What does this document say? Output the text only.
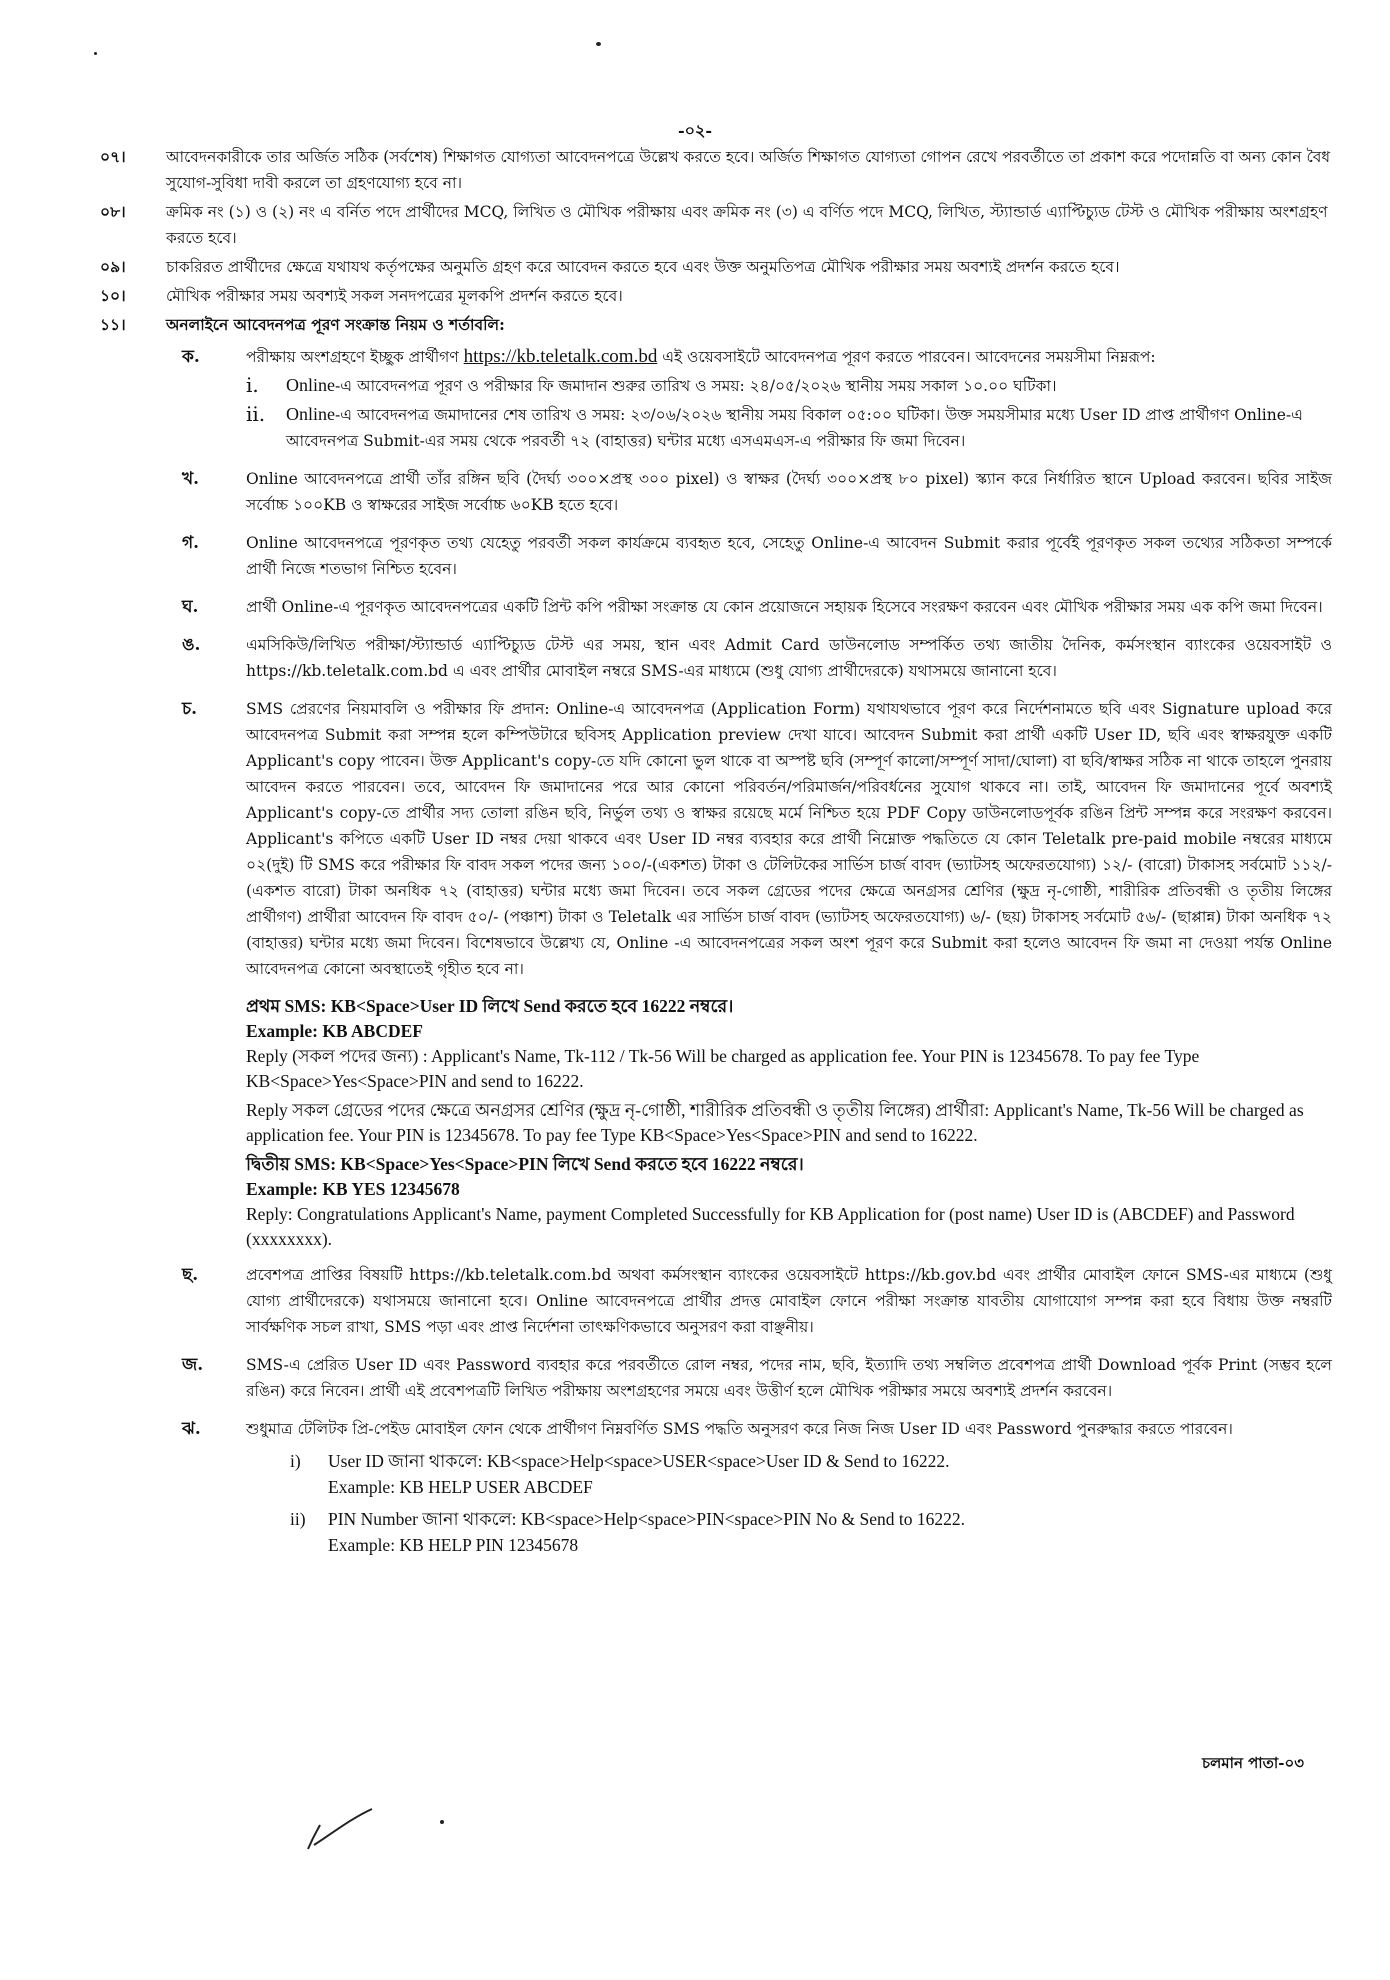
-০২-
০৭।	আবেদনকারীকে তার অর্জিত সঠিক (সর্বশেষ) শিক্ষাগত যোগ্যতা আবেদনপত্রে উল্লেখ করতে হবে। অর্জিত শিক্ষাগত যোগ্যতা গোপন রেখে পরবর্তীতে তা প্রকাশ করে পদোন্নতি বা অন্য কোন বৈধ সুযোগ-সুবিধা দাবী করলে তা গ্রহণযোগ্য হবে না।
০৮।	ক্রমিক নং (১) ও (২) নং এ বর্নিত পদে প্রার্থীদের MCQ, লিখিত ও মৌখিক পরীক্ষায় এবং ক্রমিক নং (৩) এ বর্ণিত পদে MCQ, লিখিত, স্ট্যান্ডার্ড এ্যাপ্টিচ্যুড টেস্ট ও মৌখিক পরীক্ষায় অংশগ্রহণ করতে হবে।
০৯।	চাকরিরত প্রার্থীদের ক্ষেত্রে যথাযথ কর্তৃপক্ষের অনুমতি গ্রহণ করে আবেদন করতে হবে এবং উক্ত অনুমতিপত্র মৌখিক পরীক্ষার সময় অবশ্যই প্রদর্শন করতে হবে।
১০।	মৌখিক পরীক্ষার সময় অবশ্যই সকল সনদপত্রের মূলকপি প্রদর্শন করতে হবে।
১১।	অনলাইনে আবেদনপত্র পূরণ সংক্রান্ত নিয়ম ও শর্তাবলি:
ক.	পরীক্ষায় অংশগ্রহণে ইচ্ছুক প্রার্থীগণ https://kb.teletalk.com.bd এই ওয়েবসাইটে আবেদনপত্র পূরণ করতে পারবেন। আবেদনের সময়সীমা নিম্নরূপ:
i. Online-এ আবেদনপত্র পূরণ ও পরীক্ষার ফি জমাদান শুরুর তারিখ ও সময়: ২৪/০৫/২০২৬ স্থানীয় সময় সকাল ১০.০০ ঘটিকা।
ii. Online-এ আবেদনপত্র জমাদানের শেষ তারিখ ও সময়: ২৩/০৬/২০২৬ স্থানীয় সময় বিকাল ০৫:০০ ঘটিকা। উক্ত সময়সীমার মধ্যে User ID প্রাপ্ত প্রার্থীগণ Online-এ আবেদনপত্র Submit-এর সময় থেকে পরবর্তী ৭২ (বাহাত্তর) ঘন্টার মধ্যে এসএমএস-এ পরীক্ষার ফি জমা দিবেন।
খ.	Online আবেদনপত্রে প্রার্থী তাঁর রঙ্গিন ছবি (দৈর্ঘ্য ৩০০×প্রস্থ ৩০০ pixel) ও স্বাক্ষর (দৈর্ঘ্য ৩০০×প্রস্থ ৮০ pixel) স্ক্যান করে নির্ধারিত স্থানে Upload করবেন। ছবির সাইজ সর্বোচ্চ ১০০KB ও স্বাক্ষরের সাইজ সর্বোচ্চ ৬০KB হতে হবে।
গ.	Online আবেদনপত্রে পূরণকৃত তথ্য যেহেতু পরবর্তী সকল কার্যক্রমে ব্যবহৃত হবে, সেহেতু Online-এ আবেদন Submit করার পূর্বেই পূরণকৃত সকল তথ্যের সঠিকতা সম্পর্কে প্রার্থী নিজে শতভাগ নিশ্চিত হবেন।
ঘ.	প্রার্থী Online-এ পূরণকৃত আবেদনপত্রের একটি প্রিন্ট কপি পরীক্ষা সংক্রান্ত যে কোন প্রয়োজনে সহায়ক হিসেবে সংরক্ষণ করবেন এবং মৌখিক পরীক্ষার সময় এক কপি জমা দিবেন।
ঙ.	এমসিকিউ/লিখিত পরীক্ষা/স্ট্যান্ডার্ড এ্যাপ্টিচ্যুড টেস্ট এর সময়, স্থান এবং Admit Card ডাউনলোড সম্পর্কিত তথ্য জাতীয় দৈনিক, কর্মসংস্থান ব্যাংকের ওয়েবসাইট ও https://kb.teletalk.com.bd এ এবং প্রার্থীর মোবাইল নম্বরে SMS-এর মাধ্যমে (শুধু যোগ্য প্রার্থীদেরকে) যথাসময়ে জানানো হবে।
চ.	SMS প্রেরণের নিয়মাবলি ও পরীক্ষার ফি প্রদান: Online-এ আবেদনপত্র (Application Form) যথাযথভাবে পূরণ করে নির্দেশনামতে ছবি এবং Signature upload করে আবেদনপত্র Submit করা সম্পন্ন হলে কম্পিউটারে ছবিসহ Application preview দেখা যাবে। আবেদন Submit করা প্রার্থী একটি User ID, ছবি এবং স্বাক্ষরযুক্ত একটি Applicant's copy পাবেন। উক্ত Applicant's copy-তে যদি কোনো ভুল থাকে বা অস্পষ্ট ছবি (সম্পূর্ণ কালো/সম্পূর্ণ সাদা/ঘোলা) বা ছবি/স্বাক্ষর সঠিক না থাকে তাহলে পুনরায় আবেদন করতে পারবেন। তবে, আবেদন ফি জমাদানের পরে আর কোনো পরিবর্তন/পরিমার্জন/পরিবর্ধনের সুযোগ থাকবে না। তাই, আবেদন ফি জমাদানের পূর্বে অবশ্যই Applicant's copy-তে প্রার্থীর সদ্য তোলা রঙিন ছবি, নির্ভুল তথ্য ও স্বাক্ষর রয়েছে মর্মে নিশ্চিত হয়ে PDF Copy ডাউনলোডপূর্বক রঙিন প্রিন্ট সম্পন্ন করে সংরক্ষণ করবেন। Applicant's কপিতে একটি User ID নম্বর দেয়া থাকবে এবং User ID নম্বর ব্যবহার করে প্রার্থী নিম্নোক্ত পদ্ধতিতে যে কোন Teletalk pre-paid mobile নম্বরের মাধ্যমে ০২(দুই) টি SMS করে পরীক্ষার ফি বাবদ সকল পদের জন্য ১০০/-(একশত) টাকা ও টেলিটকের সার্ভিস চার্জ বাবদ (ভ্যাটসহ অফেরতযোগ্য) ১২/- (বারো) টাকাসহ সর্বমোট ১১২/- (একশত বারো) টাকা অনধিক ৭২ (বাহাত্তর) ঘন্টার মধ্যে জমা দিবেন। তবে সকল গ্রেডের পদের ক্ষেত্রে অনগ্রসর শ্রেণির (ক্ষুদ্র নৃ-গোষ্ঠী, শারীরিক প্রতিবন্ধী ও তৃতীয় লিঙ্গের প্রার্থীগণ) প্রার্থীরা আবেদন ফি বাবদ ৫০/- (পঞ্চাশ) টাকা ও Teletalk এর সার্ভিস চার্জ বাবদ (ভ্যাটসহ অফেরতযোগ্য) ৬/- (ছয়) টাকাসহ সর্বমোট ৫৬/- (ছাপ্পান্ন) টাকা অনধিক ৭২ (বাহাত্তর) ঘন্টার মধ্যে জমা দিবেন। বিশেষভাবে উল্লেখ্য যে, Online -এ আবেদনপত্রের সকল অংশ পূরণ করে Submit করা হলেও আবেদন ফি জমা না দেওয়া পর্যন্ত Online আবেদনপত্র কোনো অবস্থাতেই গৃহীত হবে না।
প্রথম SMS: KB<Space>User ID লিখে Send করতে হবে 16222 নম্বরে।
Example: KB ABCDEF
Reply (সকল পদের জন্য) : Applicant's Name, Tk-112 / Tk-56 Will be charged as application fee. Your PIN is 12345678. To pay fee Type KB<Space>Yes<Space>PIN and send to 16222.
Reply সকল গ্রেডের পদের ক্ষেত্রে অনগ্রসর শ্রেণির (ক্ষুদ্র নৃ-গোষ্ঠী, শারীরিক প্রতিবন্ধী ও তৃতীয় লিঙ্গের) প্রার্থীরা: Applicant's Name, Tk-56 Will be charged as application fee. Your PIN is 12345678. To pay fee Type KB<Space>Yes<Space>PIN and send to 16222.
দ্বিতীয় SMS: KB<Space>Yes<Space>PIN লিখে Send করতে হবে 16222 নম্বরে।
Example: KB YES 12345678
Reply: Congratulations Applicant's Name, payment Completed Successfully for KB Application for (post name) User ID is (ABCDEF) and Password (xxxxxxxx).
ছ.	প্রবেশপত্র প্রাপ্তির বিষয়টি https://kb.teletalk.com.bd অথবা কর্মসংস্থান ব্যাংকের ওয়েবসাইটে https://kb.gov.bd এবং প্রার্থীর মোবাইল ফোনে SMS-এর মাধ্যমে (শুধু যোগ্য প্রার্থীদেরকে) যথাসময়ে জানানো হবে। Online আবেদনপত্রে প্রার্থীর প্রদত্ত মোবাইল ফোনে পরীক্ষা সংক্রান্ত যাবতীয় যোগাযোগ সম্পন্ন করা হবে বিধায় উক্ত নম্বরটি সার্বক্ষণিক সচল রাখা, SMS পড়া এবং প্রাপ্ত নির্দেশনা তাৎক্ষণিকভাবে অনুসরণ করা বাঞ্ছনীয়।
জ.	SMS-এ প্রেরিত User ID এবং Password ব্যবহার করে পরবর্তীতে রোল নম্বর, পদের নাম, ছবি, ইত্যাদি তথ্য সম্বলিত প্রবেশপত্র প্রার্থী Download পূর্বক Print (সম্ভব হলে রঙিন) করে নিবেন। প্রার্থী এই প্রবেশপত্রটি লিখিত পরীক্ষায় অংশগ্রহণের সময়ে এবং উত্তীর্ণ হলে মৌখিক পরীক্ষার সময়ে অবশ্যই প্রদর্শন করবেন।
ঝ.	শুধুমাত্র টেলিটক প্রি-পেইড মোবাইল ফোন থেকে প্রার্থীগণ নিম্নবর্ণিত SMS পদ্ধতি অনুসরণ করে নিজ নিজ User ID এবং Password পুনরুদ্ধার করতে পারবেন।
i) User ID জানা থাকলে: KB<space>Help<space>USER<space>User ID & Send to 16222.
Example: KB HELP USER ABCDEF
ii) PIN Number জানা থাকলে: KB<space>Help<space>PIN<space>PIN No & Send to 16222.
Example: KB HELP PIN 12345678
চলমান পাতা-০৩
